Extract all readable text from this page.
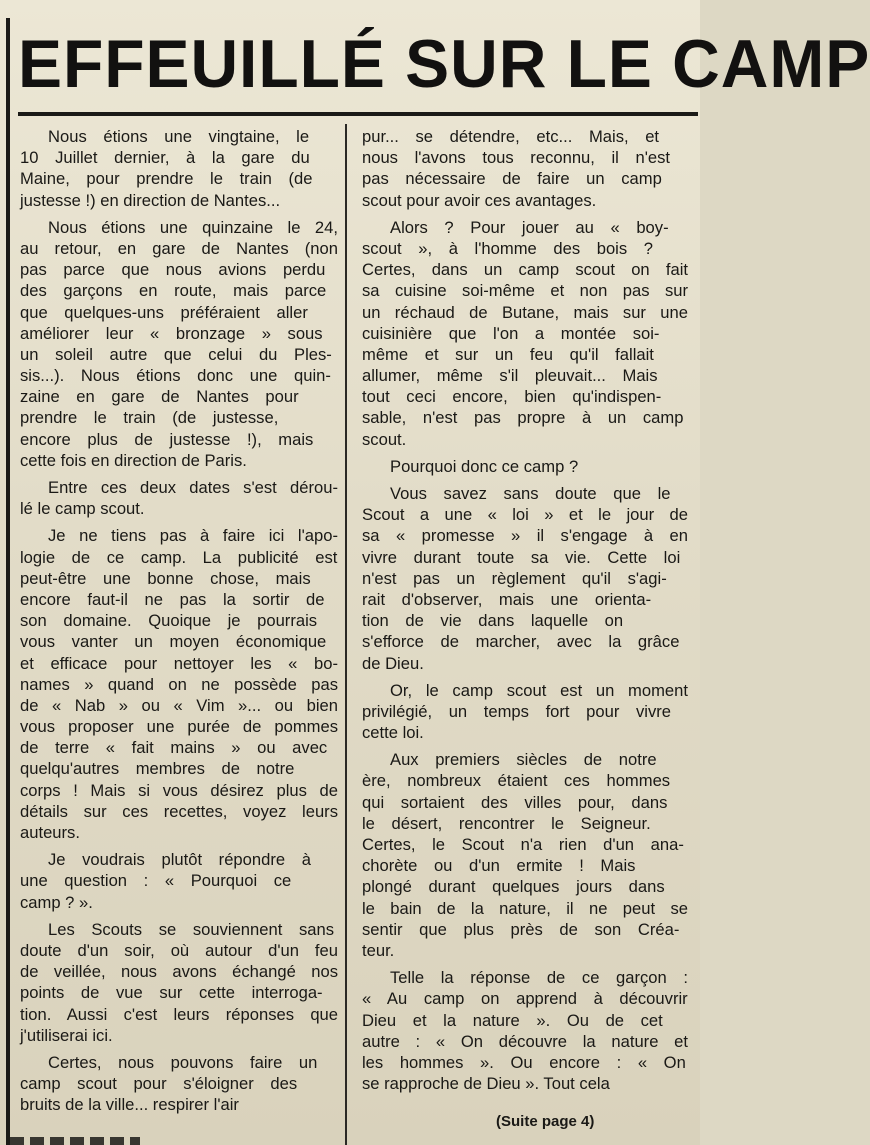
EFFEUILLÉ SUR LE CAMP

Nous étions une vingtaine, le
10 Juillet dernier, à la gare du
Maine, pour prendre le train (de
justesse !) en direction de Nantes...

Nous étions une quinzaine le 24,
au retour, en gare de Nantes (non
pas parce que nous avions perdu
des garçons en route, mais parce
que quelques-uns préféraient aller
améliorer leur « bronzage » sous
un soleil autre que celui du Ples-
sis...). Nous étions donc une quin-
zaine en gare de Nantes pour
prendre le train (de justesse,
encore plus de justesse !), mais
cette fois en direction de Paris.

Entre ces deux dates s'est dérou-
lé le camp scout.

Je ne tiens pas à faire ici l'apo-
logie de ce camp. La publicité est
peut-être une bonne chose, mais
encore faut-il ne pas la sortir de
son domaine. Quoique je pourrais
vous vanter un moyen économique
et efficace pour nettoyer les « bo-
names » quand on ne possède pas
de « Nab » ou « Vim »... ou bien
vous proposer une purée de pommes
de terre « fait mains » ou avec
quelqu'autres membres de notre
corps ! Mais si vous désirez plus de
détails sur ces recettes, voyez leurs
auteurs.

Je voudrais plutôt répondre à
une question : « Pourquoi ce
camp ? ».

Les Scouts se souviennent sans
doute d'un soir, où autour d'un feu
de veillée, nous avons échangé nos
points de vue sur cette interroga-
tion. Aussi c'est leurs réponses que
j'utiliserai ici.

Certes, nous pouvons faire un
camp scout pour s'éloigner des
bruits de la ville... respirer l'air

pur... se détendre, etc... Mais, et
nous l'avons tous reconnu, il n'est
pas nécessaire de faire un camp
scout pour avoir ces avantages.

Alors ? Pour jouer au « boy-
scout », à l'homme des bois ?
Certes, dans un camp scout on fait
sa cuisine soi-même et non pas sur
un réchaud de Butane, mais sur une
cuisinière que l'on a montée soi-
même et sur un feu qu'il fallait
allumer, même s'il pleuvait... Mais
tout ceci encore, bien qu'indispen-
sable, n'est pas propre à un camp
scout.

Pourquoi donc ce camp ?

Vous savez sans doute que le
Scout a une « loi » et le jour de
sa « promesse » il s'engage à en
vivre durant toute sa vie. Cette loi
n'est pas un règlement qu'il s'agi-
rait d'observer, mais une orienta-
tion de vie dans laquelle on
s'efforce de marcher, avec la grâce
de Dieu.

Or, le camp scout est un moment
privilégié, un temps fort pour vivre
cette loi.

Aux premiers siècles de notre
ère, nombreux étaient ces hommes
qui sortaient des villes pour, dans
le désert, rencontrer le Seigneur.
Certes, le Scout n'a rien d'un ana-
chorète ou d'un ermite ! Mais
plongé durant quelques jours dans
le bain de la nature, il ne peut se
sentir que plus près de son Créa-
teur.

Telle la réponse de ce garçon :
« Au camp on apprend à découvrir
Dieu et la nature ». Ou de cet
autre : « On découvre la nature et
les hommes ». Ou encore : « On
se rapproche de Dieu ». Tout cela

(Suite page 4)
